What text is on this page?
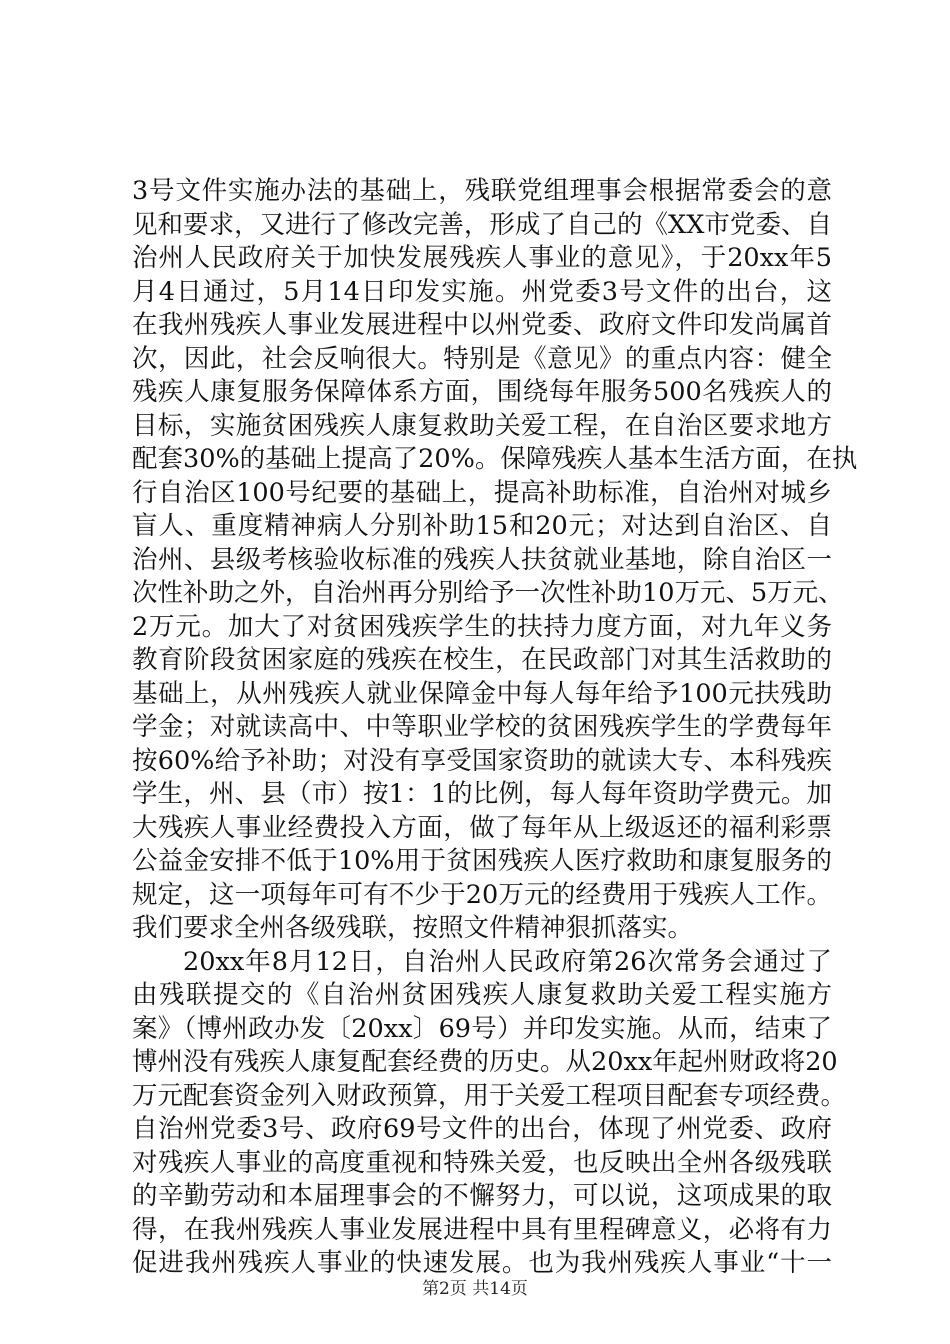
3号文件实施办法的基础上，残联党组理事会根据常委会的意
见和要求，又进行了修改完善，形成了自己的《XX市党委、自
治州人民政府关于加快发展残疾人事业的意见》，于20xx年5
月4日通过，5月14日印发实施。州党委3号文件的出台，这
在我州残疾人事业发展进程中以州党委、政府文件印发尚属首
次，因此，社会反响很大。特别是《意见》的重点内容：健全
残疾人康复服务保障体系方面，围绕每年服务500名残疾人的
目标，实施贫困残疾人康复救助关爱工程，在自治区要求地方
配套30%的基础上提高了20%。保障残疾人基本生活方面，在执
行自治区100号纪要的基础上，提高补助标准，自治州对城乡
盲人、重度精神病人分别补助15和20元；对达到自治区、自
治州、县级考核验收标准的残疾人扶贫就业基地，除自治区一
次性补助之外，自治州再分别给予一次性补助10万元、5万元、
2万元。加大了对贫困残疾学生的扶持力度方面，对九年义务
教育阶段贫困家庭的残疾在校生，在民政部门对其生活救助的
基础上，从州残疾人就业保障金中每人每年给予100元扶残助
学金；对就读高中、中等职业学校的贫困残疾学生的学费每年
按60%给予补助；对没有享受国家资助的就读大专、本科残疾
学生，州、县（市）按1：1的比例，每人每年资助学费元。加
大残疾人事业经费投入方面，做了每年从上级返还的福利彩票
公益金安排不低于10%用于贫困残疾人医疗救助和康复服务的
规定，这一项每年可有不少于20万元的经费用于残疾人工作。
我们要求全州各级残联，按照文件精神狠抓落实。
20xx年8月12日，自治州人民政府第26次常务会通过了
由残联提交的《自治州贫困残疾人康复救助关爱工程实施方
案》（博州政办发〔20xx〕69号）并印发实施。从而，结束了
博州没有残疾人康复配套经费的历史。从20xx年起州财政将20
万元配套资金列入财政预算，用于关爱工程项目配套专项经费。
自治州党委3号、政府69号文件的出台，体现了州党委、政府
对残疾人事业的高度重视和特殊关爱，也反映出全州各级残联
的辛勤劳动和本届理事会的不懈努力，可以说，这项成果的取
得，在我州残疾人事业发展进程中具有里程碑意义，必将有力
促进我州残疾人事业的快速发展。也为我州残疾人事业“十一
第2页 共14页
